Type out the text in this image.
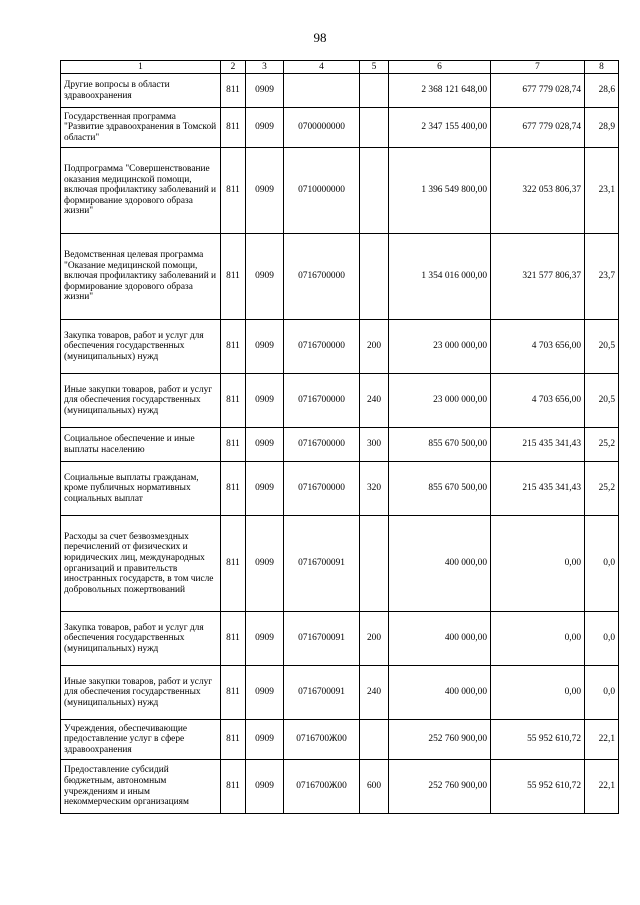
98
1	2	3	4	5	6	7	8
Другие вопросы в области здравоохранения	811	0909			2 368 121 648,00	677 779 028,74	28,6
Государственная программа "Развитие здравоохранения в Томской области"	811	0909	0700000000		2 347 155 400,00	677 779 028,74	28,9
Подпрограмма "Совершенствование оказания медицинской помощи, включая профилактику заболеваний и формирование здорового образа жизни"	811	0909	0710000000		1 396 549 800,00	322 053 806,37	23,1
Ведомственная целевая программа "Оказание медицинской помощи, включая профилактику заболеваний и формирование здорового образа жизни"	811	0909	0716700000		1 354 016 000,00	321 577 806,37	23,7
Закупка товаров, работ и услуг для обеспечения государственных (муниципальных) нужд	811	0909	0716700000	200	23 000 000,00	4 703 656,00	20,5
Иные закупки товаров, работ и услуг для обеспечения государственных (муниципальных) нужд	811	0909	0716700000	240	23 000 000,00	4 703 656,00	20,5
Социальное обеспечение и иные выплаты населению	811	0909	0716700000	300	855 670 500,00	215 435 341,43	25,2
Социальные выплаты гражданам, кроме публичных нормативных социальных выплат	811	0909	0716700000	320	855 670 500,00	215 435 341,43	25,2
Расходы за счет безвозмездных перечислений от физических и юридических лиц, международных организаций и правительств иностранных государств, в том числе добровольных пожертвований	811	0909	0716700091		400 000,00	0,00	0,0
Закупка товаров, работ и услуг для обеспечения государственных (муниципальных) нужд	811	0909	0716700091	200	400 000,00	0,00	0,0
Иные закупки товаров, работ и услуг для обеспечения государственных (муниципальных) нужд	811	0909	0716700091	240	400 000,00	0,00	0,0
Учреждения, обеспечивающие предоставление услуг в сфере здравоохранения	811	0909	0716700Ж00		252 760 900,00	55 952 610,72	22,1
Предоставление субсидий бюджетным, автономным учреждениям и иным некоммерческим организациям	811	0909	0716700Ж00	600	252 760 900,00	55 952 610,72	22,1
